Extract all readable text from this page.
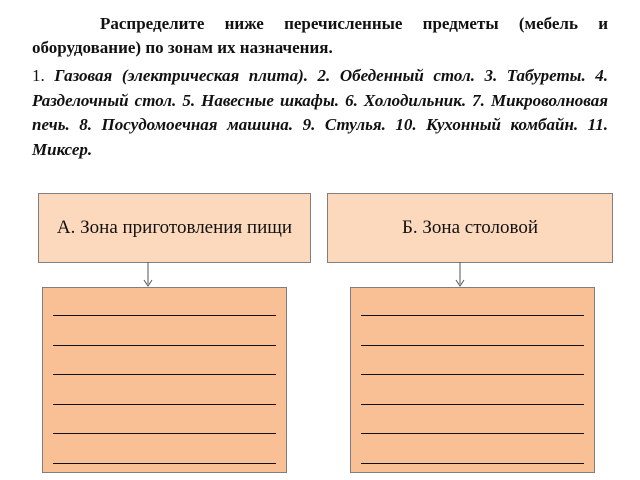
Распределите ниже перечисленные предметы (мебель и оборудование) по зонам их назначения.
1. Газовая (электрическая плита). 2. Обеденный стол. 3. Табуреты. 4. Разделочный стол. 5. Навесные шкафы. 6. Холодильник. 7. Микроволновая печь. 8. Посудомоечная машина. 9. Стулья. 10. Кухонный комбайн. 11. Миксер.
А. Зона приготовления пищи	Б. Зона столовой
